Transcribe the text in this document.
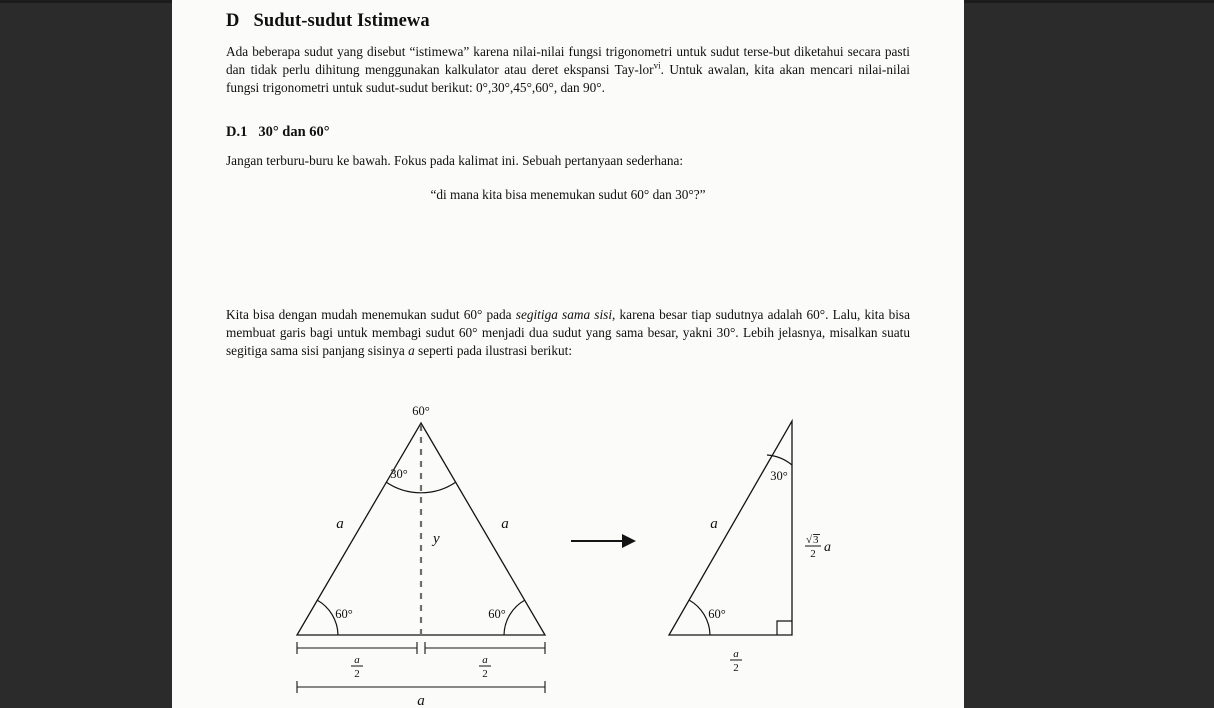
D Sudut-sudut Istimewa

Ada beberapa sudut yang disebut “istimewa” karena nilai-nilai fungsi trigonometri untuk sudut terse-but diketahui secara pasti dan tidak perlu dihitung menggunakan kalkulator atau deret ekspansi Tay-lor$^{vi}$. Untuk awalan, kita akan mencari nilai-nilai fungsi trigonometri untuk sudut-sudut berikut: 0°,30°,45°,60°, dan 90°.

D.1 30° dan 60°

Jangan terburu-buru ke bawah. Fokus pada kalimat ini. Sebuah pertanyaan sederhana:

“di mana kita bisa menemukan sudut 60° dan 30°?”

Kita bisa dengan mudah menemukan sudut 60° pada segitiga sama sisi, karena besar tiap sudutnya adalah 60°. Lalu, kita bisa membuat garis bagi untuk membagi sudut 60° menjadi dua sudut yang sama besar, yakni 30°. Lebih jelasnya, misalkan suatu segitiga sama sisi panjang sisinya a seperti pada ilustrasi berikut:

60°
30°
60°	60°
a	a
y
a
2
a
2
a
30°
60°
a
√ 3
2 a
a
2
